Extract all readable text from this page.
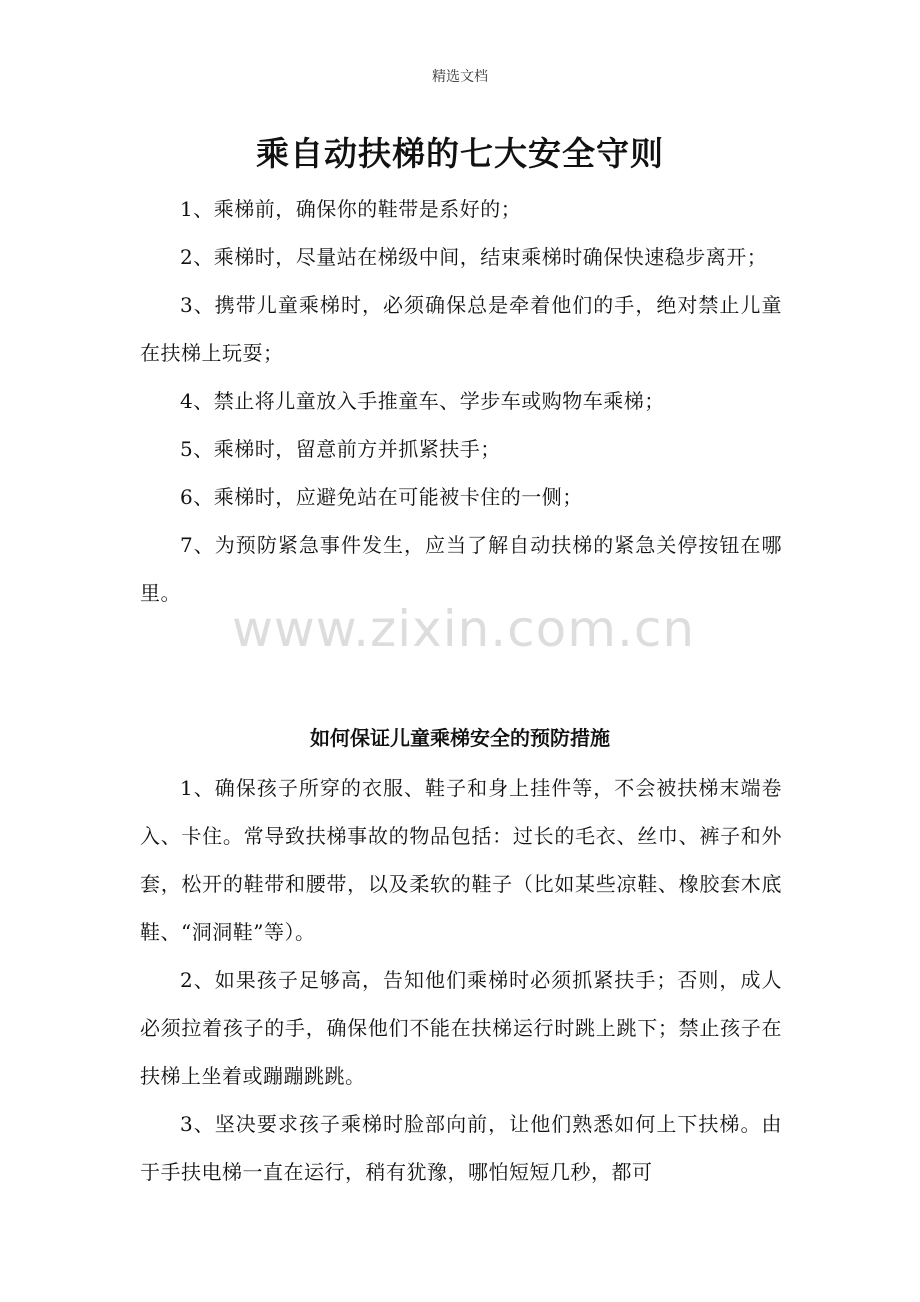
精选文档
乘自动扶梯的七大安全守则

1、乘梯前，确保你的鞋带是系好的；

2、乘梯时，尽量站在梯级中间，结束乘梯时确保快速稳步离开；

3、携带儿童乘梯时，必须确保总是牵着他们的手，绝对禁止儿童在扶梯上玩耍；

4、禁止将儿童放入手推童车、学步车或购物车乘梯；

5、乘梯时，留意前方并抓紧扶手；

6、乘梯时，应避免站在可能被卡住的一侧；

7、为预防紧急事件发生，应当了解自动扶梯的紧急关停按钮在哪里。

www.zixin.com.cn
如何保证儿童乘梯安全的预防措施

1、确保孩子所穿的衣服、鞋子和身上挂件等，不会被扶梯末端卷入、卡住。常导致扶梯事故的物品包括：过长的毛衣、丝巾、裤子和外套，松开的鞋带和腰带，以及柔软的鞋子（比如某些凉鞋、橡胶套木底鞋、“洞洞鞋”等）。

2、如果孩子足够高，告知他们乘梯时必须抓紧扶手；否则，成人必须拉着孩子的手，确保他们不能在扶梯运行时跳上跳下；禁止孩子在扶梯上坐着或蹦蹦跳跳。

3、坚决要求孩子乘梯时脸部向前，让他们熟悉如何上下扶梯。由于手扶电梯一直在运行，稍有犹豫，哪怕短短几秒，都可
